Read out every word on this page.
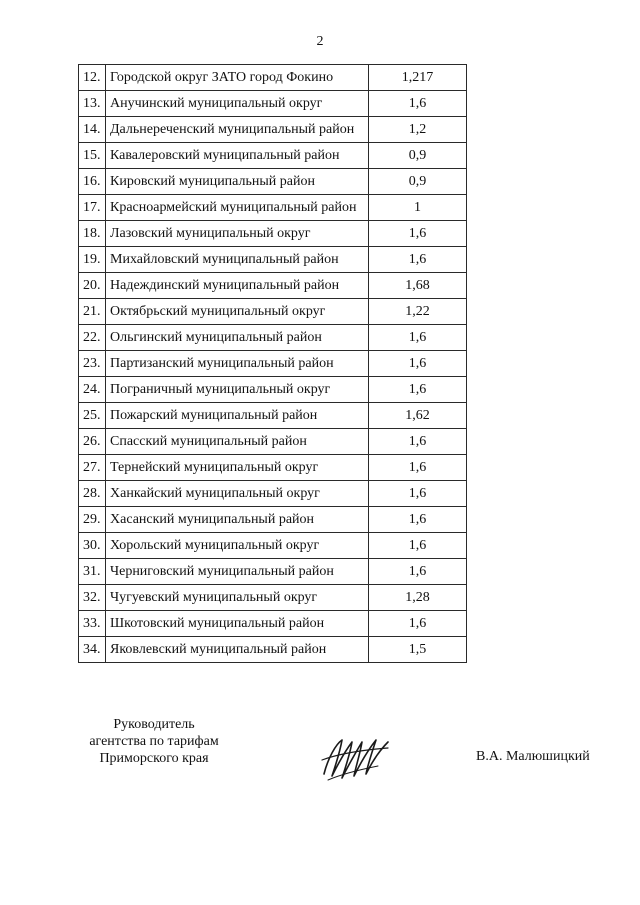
2
12.	Городской округ ЗАТО город Фокино	1,217
13.	Анучинский муниципальный округ	1,6
14.	Дальнереченский муниципальный район	1,2
15.	Кавалеровский муниципальный район	0,9
16.	Кировский муниципальный район	0,9
17.	Красноармейский муниципальный район	1
18.	Лазовский муниципальный округ	1,6
19.	Михайловский муниципальный район	1,6
20.	Надеждинский муниципальный район	1,68
21.	Октябрьский муниципальный округ	1,22
22.	Ольгинский муниципальный район	1,6
23.	Партизанский муниципальный район	1,6
24.	Пограничный муниципальный округ	1,6
25.	Пожарский муниципальный район	1,62
26.	Спасский муниципальный район	1,6
27.	Тернейский муниципальный округ	1,6
28.	Ханкайский муниципальный округ	1,6
29.	Хасанский муниципальный район	1,6
30.	Хорольский муниципальный округ	1,6
31.	Черниговский муниципальный район	1,6
32.	Чугуевский муниципальный округ	1,28
33.	Шкотовский муниципальный район	1,6
34.	Яковлевский муниципальный район	1,5
Руководитель
агентства по тарифам
Приморского края	В.А. Малюшицкий
